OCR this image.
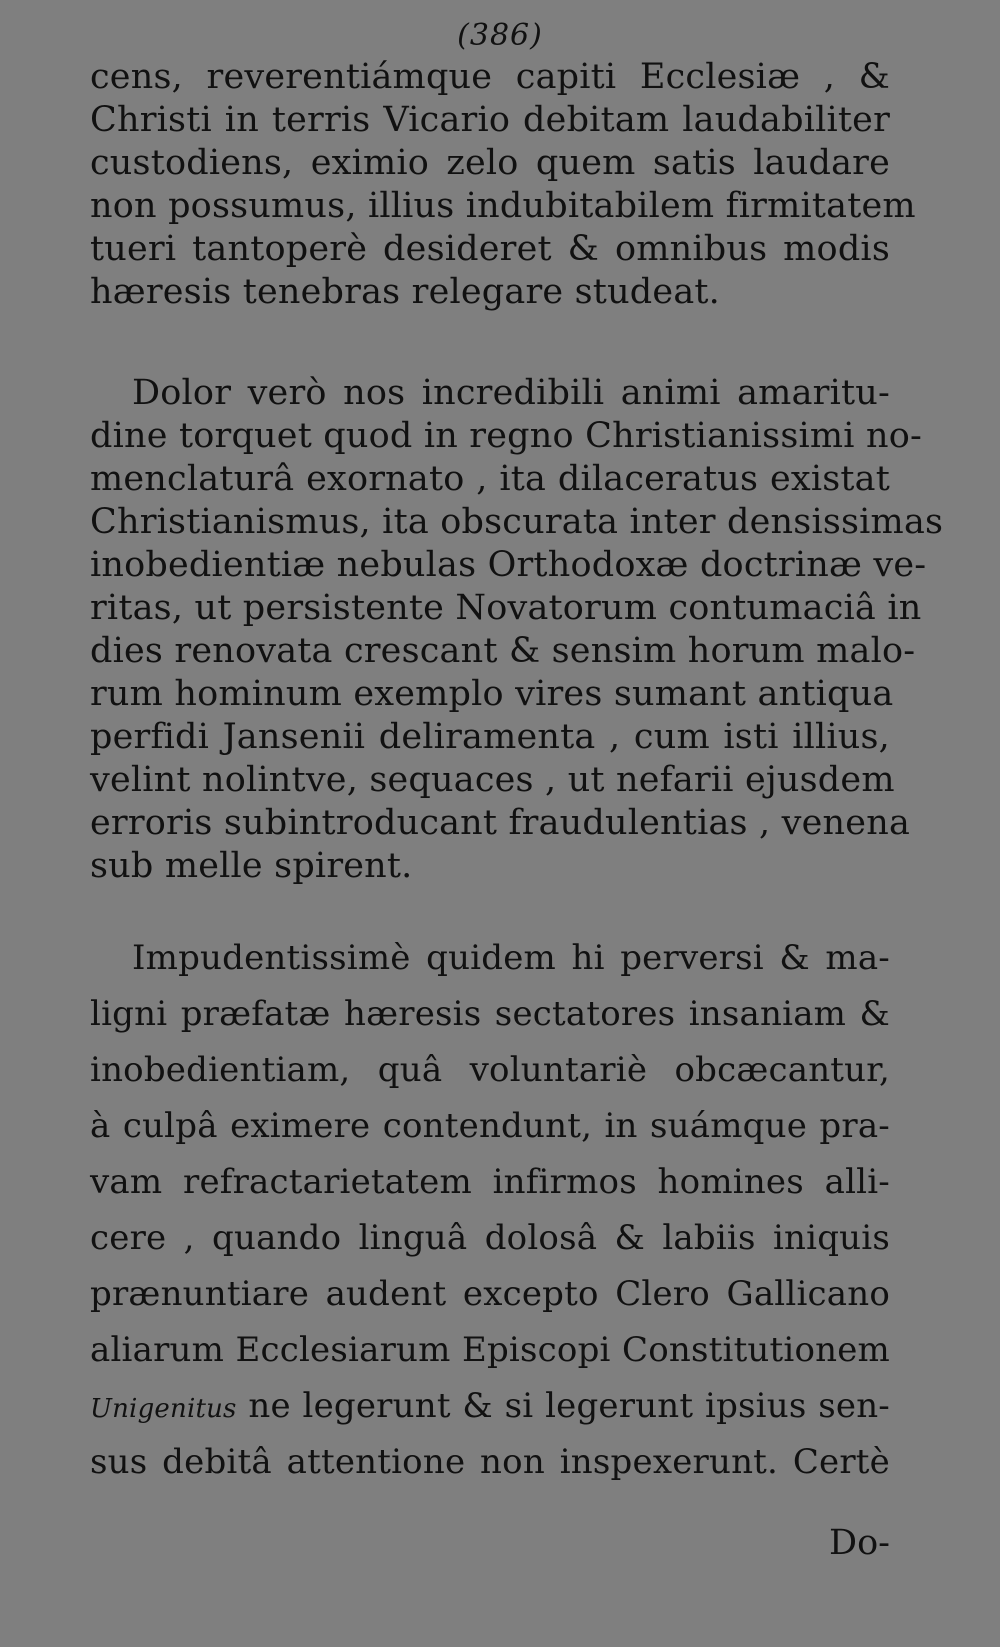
(386)
cens, reverentiámque capiti Ecclesiæ , &
Christi in terris Vicario debitam laudabiliter
custodiens, eximio zelo quem satis laudare
non possumus, illius indubitabilem firmitatem
tueri tantoperè desideret & omnibus modis
hæresis tenebras relegare studeat.
Dolor verò nos incredibili animi amaritu-
dine torquet quod in regno Christianissimi no-
menclaturâ exornato , ita dilaceratus existat
Christianismus, ita obscurata inter densissimas
inobedientiæ nebulas Orthodoxæ doctrinæ ve-
ritas, ut persistente Novatorum contumaciâ in
dies renovata crescant & sensim horum malo-
rum hominum exemplo vires sumant antiqua
perfidi Jansenii deliramenta , cum isti illius,
velint nolintve, sequaces , ut nefarii ejusdem
erroris subintroducant fraudulentias , venena
sub melle spirent.
Impudentissimè quidem hi perversi & ma-
ligni præfatæ hæresis sectatores insaniam &
inobedientiam, quâ voluntariè obcæcantur,
à culpâ eximere contendunt, in suámque pra-
vam refractarietatem infirmos homines alli-
cere , quando linguâ dolosâ & labiis iniquis
prænuntiare audent excepto Clero Gallicano
aliarum Ecclesiarum Episcopi Constitutionem
Unigenitus ne legerunt & si legerunt ipsius sen-
sus debitâ attentione non inspexerunt. Certè
Do-
